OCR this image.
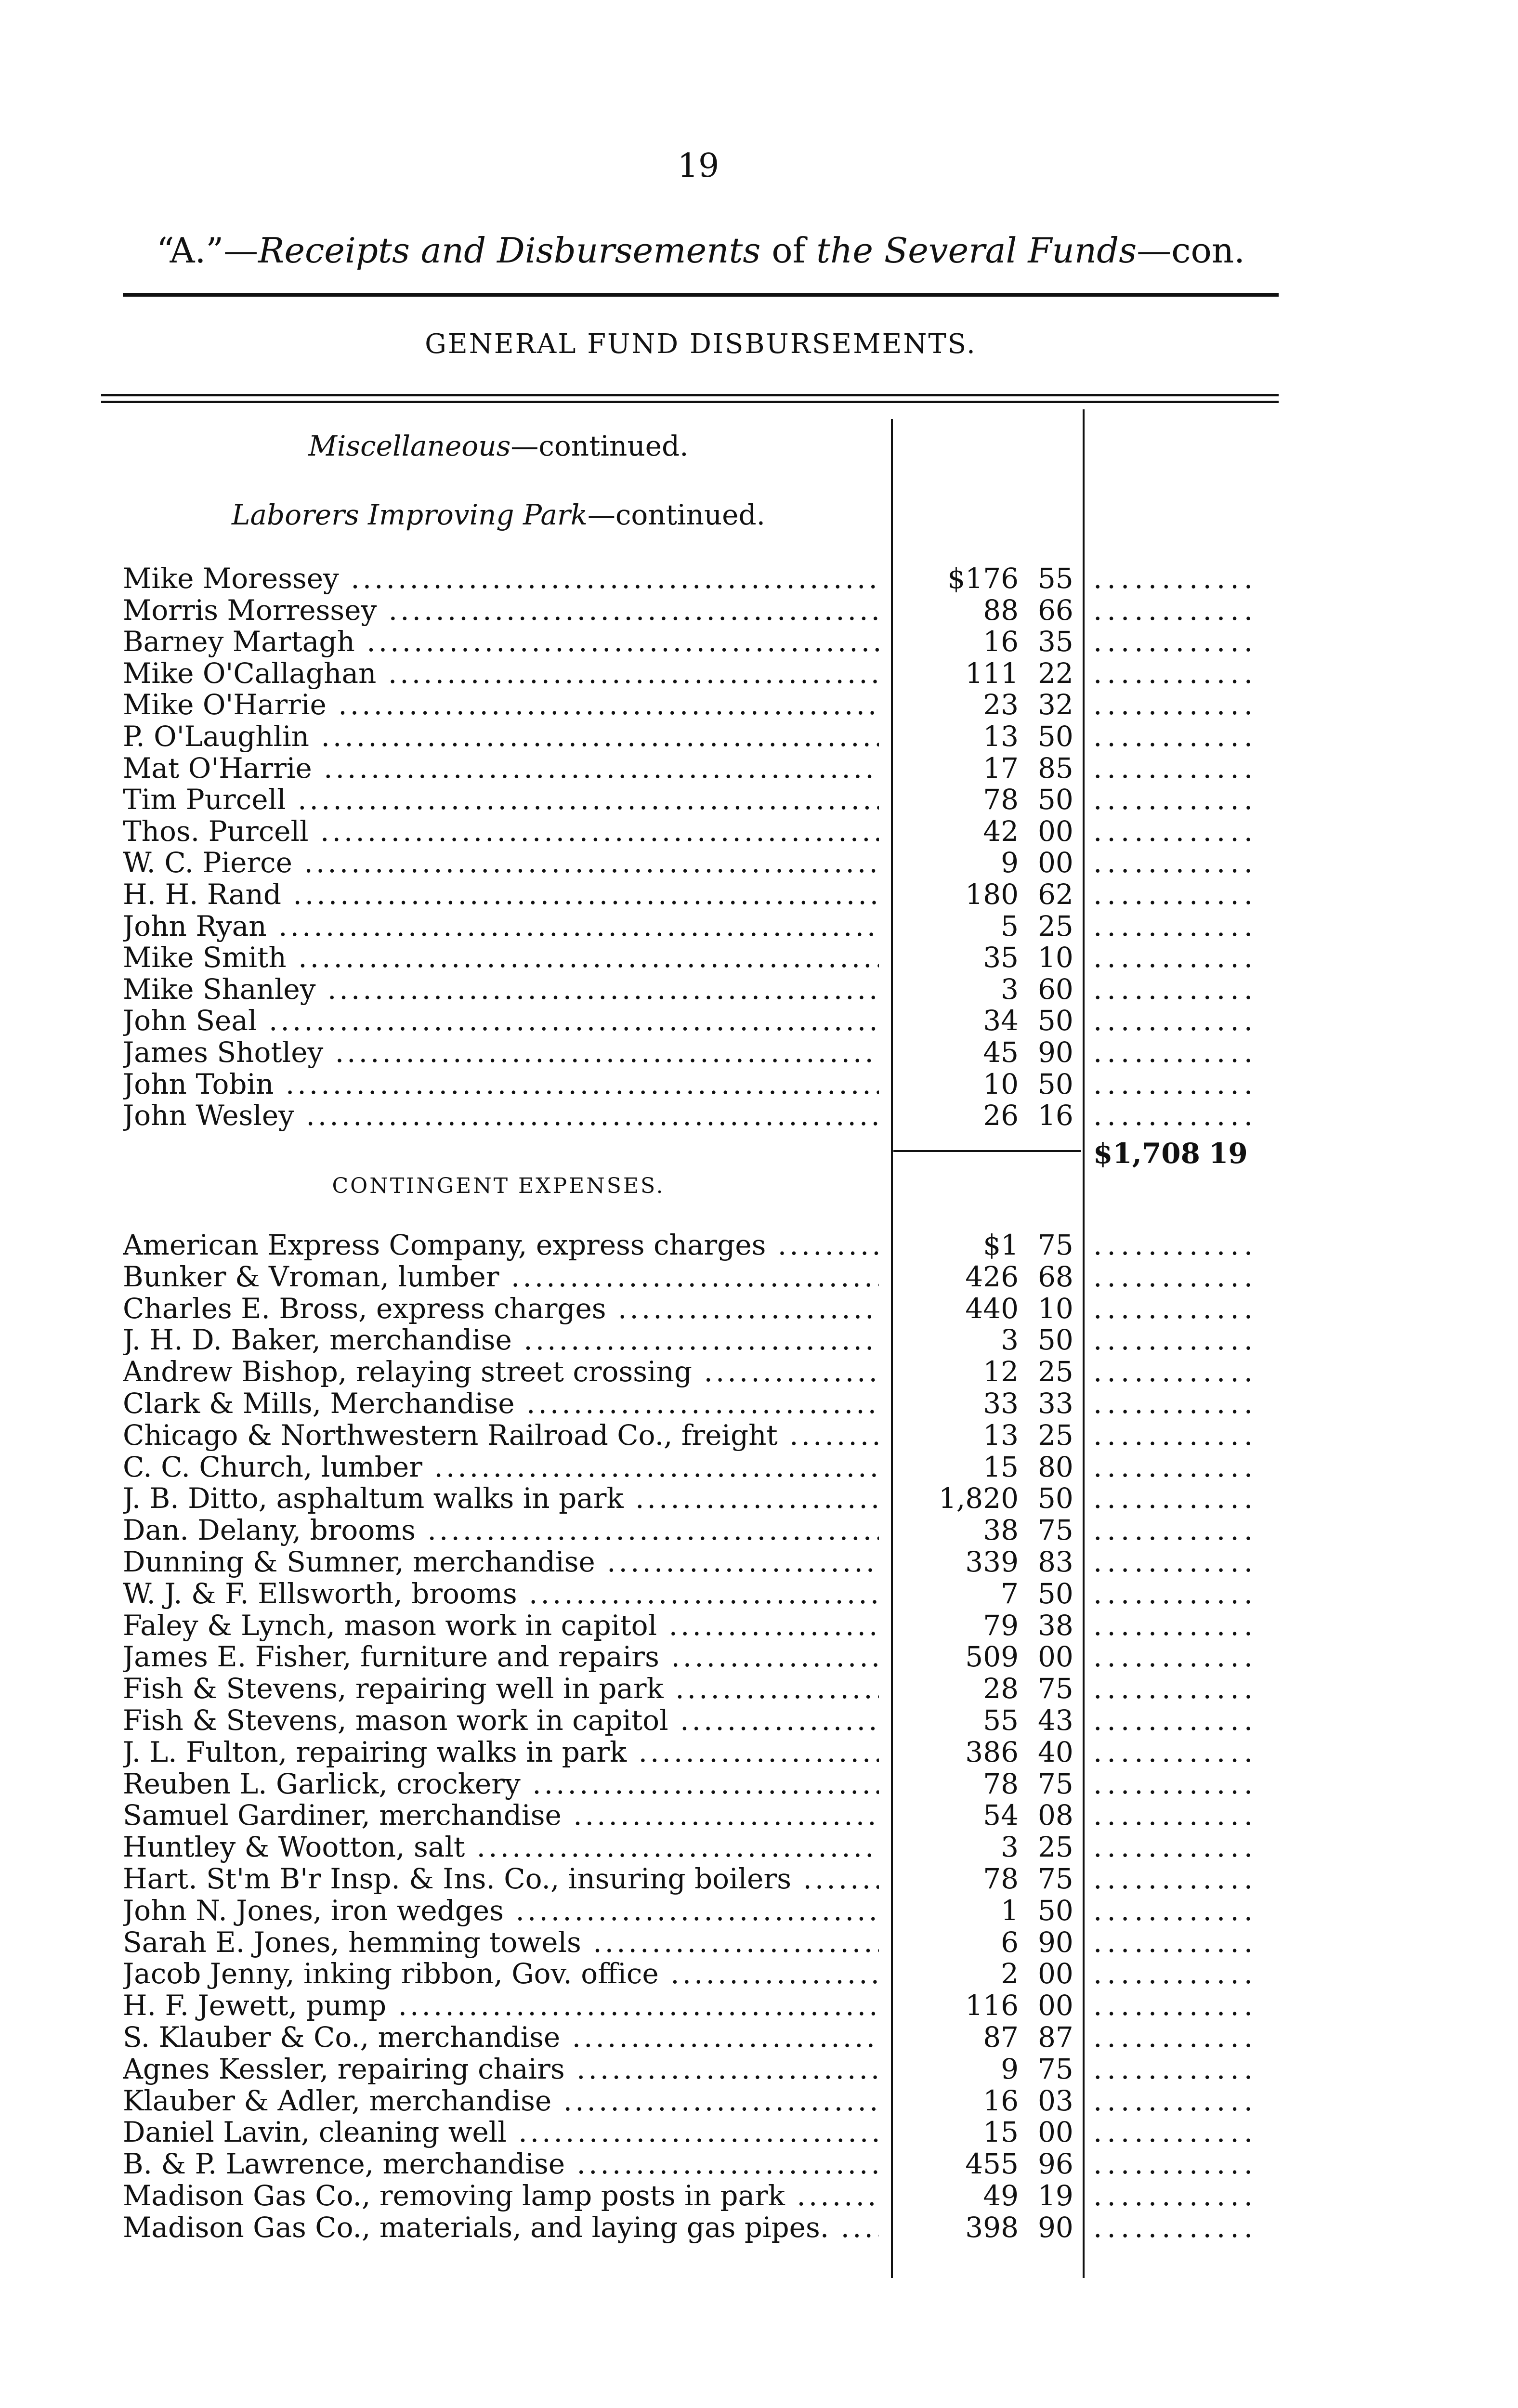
19
“A.”—Receipts and Disbursements of the Several Funds—con.
GENERAL FUND DISBURSEMENTS.
Miscellaneous—continued.
Laborers Improving Park—continued.
Mike Moressey .....	$176 55 ............
Morris Morressey .....	88 66 ............
Barney Martagh .....	16 35 ............
Mike O'Callaghan .....	111 22 ............
Mike O'Harrie .....	23 32 ............
P. O'Laughlin .....	13 50 ............
Mat O'Harrie .....	17 85 ............
Tim Purcell .....	78 50 ............
Thos. Purcell .....	42 00 ............
W. C. Pierce .....	9 00 ............
H. H. Rand .....	180 62 ............
John Ryan .....	5 25 ............
Mike Smith .....	35 10 ............
Mike Shanley .....	3 60 ............
John Seal .....	34 50 ............
James Shotley .....	45 90 ............
John Tobin .....	10 50 ............
John Wesley .....	26 16 ............
$1,708 19
CONTINGENT EXPENSES.
American Express Company, express charges .....	$1 75 ............
Bunker & Vroman, lumber .....	426 68 ............
Charles E. Bross, express charges .....	440 10 ............
J. H. D. Baker, merchandise .....	3 50 ............
Andrew Bishop, relaying street crossing .....	12 25 ............
Clark & Mills, Merchandise .....	33 33 ............
Chicago & Northwestern Railroad Co., freight .....	13 25 ............
C. C. Church, lumber .....	15 80 ............
J. B. Ditto, asphaltum walks in park .....	1,820 50 ............
Dan. Delany, brooms .....	38 75 ............
Dunning & Sumner, merchandise .....	339 83 ............
W. J. & F. Ellsworth, brooms .....	7 50 ............
Faley & Lynch, mason work in capitol .....	79 38 ............
James E. Fisher, furniture and repairs .....	509 00 ............
Fish & Stevens, repairing well in park .....	28 75 ............
Fish & Stevens, mason work in capitol .....	55 43 ............
J. L. Fulton, repairing walks in park .....	386 40 ............
Reuben L. Garlick, crockery .....	78 75 ............
Samuel Gardiner, merchandise .....	54 08 ............
Huntley & Wootton, salt .....	3 25 ............
Hart. St'm B'r Insp. & Ins. Co., insuring boilers .....	78 75 ............
John N. Jones, iron wedges .....	1 50 ............
Sarah E. Jones, hemming towels .....	6 90 ............
Jacob Jenny, inking ribbon, Gov. office .....	2 00 ............
H. F. Jewett, pump .....	116 00 ............
S. Klauber & Co., merchandise .....	87 87 ............
Agnes Kessler, repairing chairs .....	9 75 ............
Klauber & Adler, merchandise .....	16 03 ............
Daniel Lavin, cleaning well .....	15 00 ............
B. & P. Lawrence, merchandise .....	455 96 ............
Madison Gas Co., removing lamp posts in park .....	49 19 ............
Madison Gas Co., materials, and laying gas pipes. .....	398 90 ............
